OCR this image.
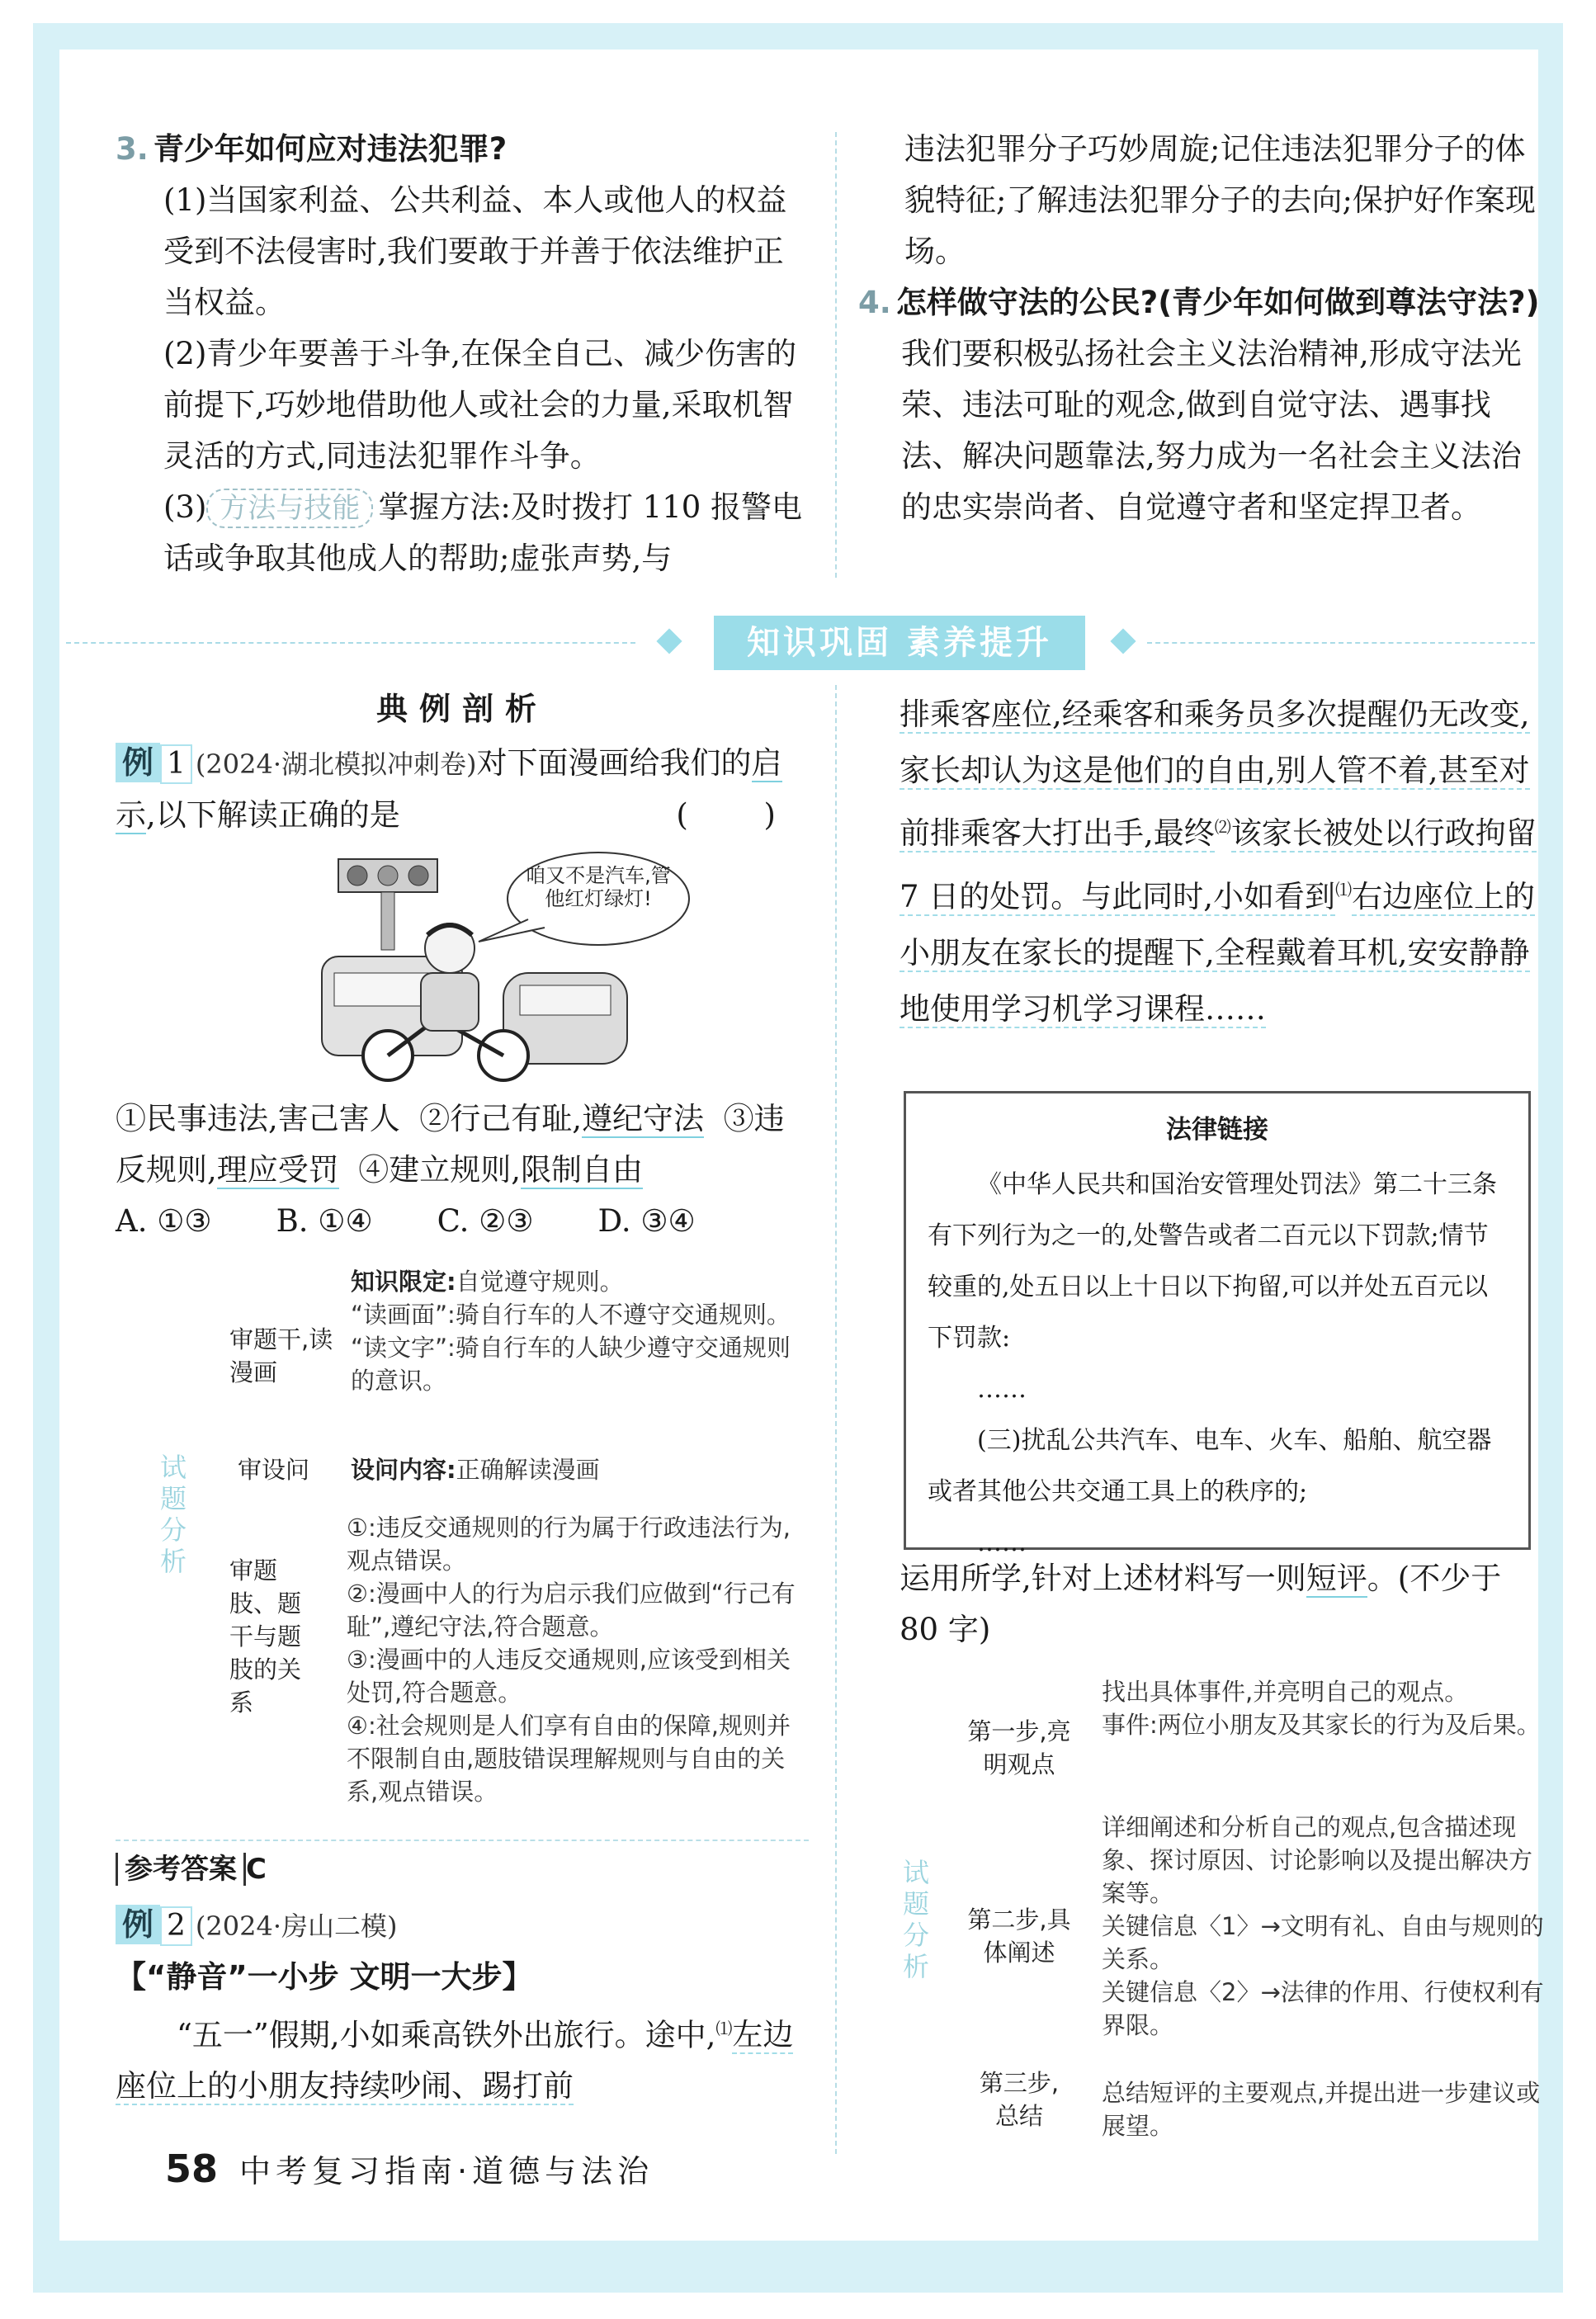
3. 青少年如何应对违法犯罪?

(1)当国家利益、公共利益、本人或他人的权益受到不法侵害时,我们要敢于并善于依法维护正当权益。

(2)青少年要善于斗争,在保全自己、减少伤害的前提下,巧妙地借助他人或社会的力量,采取机智灵活的方式,同违法犯罪作斗争。

(3) 方法与技能 掌握方法:及时拨打 110 报警电话或争取其他成人的帮助;虚张声势,与

违法犯罪分子巧妙周旋;记住违法犯罪分子的体貌特征;了解违法犯罪分子的去向;保护好作案现场。

4. 怎样做守法的公民?(青少年如何做到尊法守法?)

我们要积极弘扬社会主义法治精神,形成守法光荣、违法可耻的观念,做到自觉守法、遇事找法、解决问题靠法,努力成为一名社会主义法治的忠实崇尚者、自觉遵守者和坚定捍卫者。

知识巩固 素养提升

典例剖析

例 1 (2024·湖北模拟冲刺卷)对下面漫画给我们的启示,以下解读正确的是	( )

咱又不是汽车,管他红灯绿灯!

①民事违法,害己害人 ②行己有耻,遵纪守法 ③违反规则,理应受罚 ④建立规则,限制自由

A. ①③ B. ①④ C. ②③ D. ③④
试题分析
审题干,读漫画
知识限定:自觉遵守规则。
“读画面”:骑自行车的人不遵守交通规则。
“读文字”:骑自行车的人缺少遵守交通规则的意识。
审设问	设问内容:正确解读漫画
审题肢、题干与题肢的关系
①:违反交通规则的行为属于行政违法行为,观点错误。
②:漫画中人的行为启示我们应做到“行己有耻”,遵纪守法,符合题意。
③:漫画中的人违反交通规则,应该受到相关处罚,符合题意。
④:社会规则是人们享有自由的保障,规则并不限制自由,题肢错误理解规则与自由的关系,观点错误。
参考答案 C

例 2 (2024·房山二模)【“静音”一小步 文明一大步】

“五一”假期,小如乘高铁外出旅行。途中,⑴左边座位上的小朋友持续吵闹、踢打前

排乘客座位,经乘客和乘务员多次提醒仍无改变,家长却认为这是他们的自由,别人管不着,甚至对前排乘客大打出手,最终⑵该家长被处以行政拘留 7 日的处罚。与此同时,小如看到⑴右边座位上的小朋友在家长的提醒下,全程戴着耳机,安安静静地使用学习机学习课程……

法律链接

《中华人民共和国治安管理处罚法》第二十三条 有下列行为之一的,处警告或者二百元以下罚款;情节较重的,处五日以上十日以下拘留,可以并处五百元以下罚款:

……

(三)扰乱公共汽车、电车、火车、船舶、航空器或者其他公共交通工具上的秩序的;

……

运用所学,针对上述材料写一则短评。(不少于 80 字)

试题分析
第一步,亮明观点
找出具体事件,并亮明自己的观点。
事件:两位小朋友及其家长的行为及后果。
第二步,具体阐述
详细阐述和分析自己的观点,包含描述现象、探讨原因、讨论影响以及提出解决方案等。
关键信息〈1〉→文明有礼、自由与规则的关系。
关键信息〈2〉→法律的作用、行使权利有界限。
第三步,总结
总结短评的主要观点,并提出进一步建议或展望。
58 中考复习指南·道德与法治
